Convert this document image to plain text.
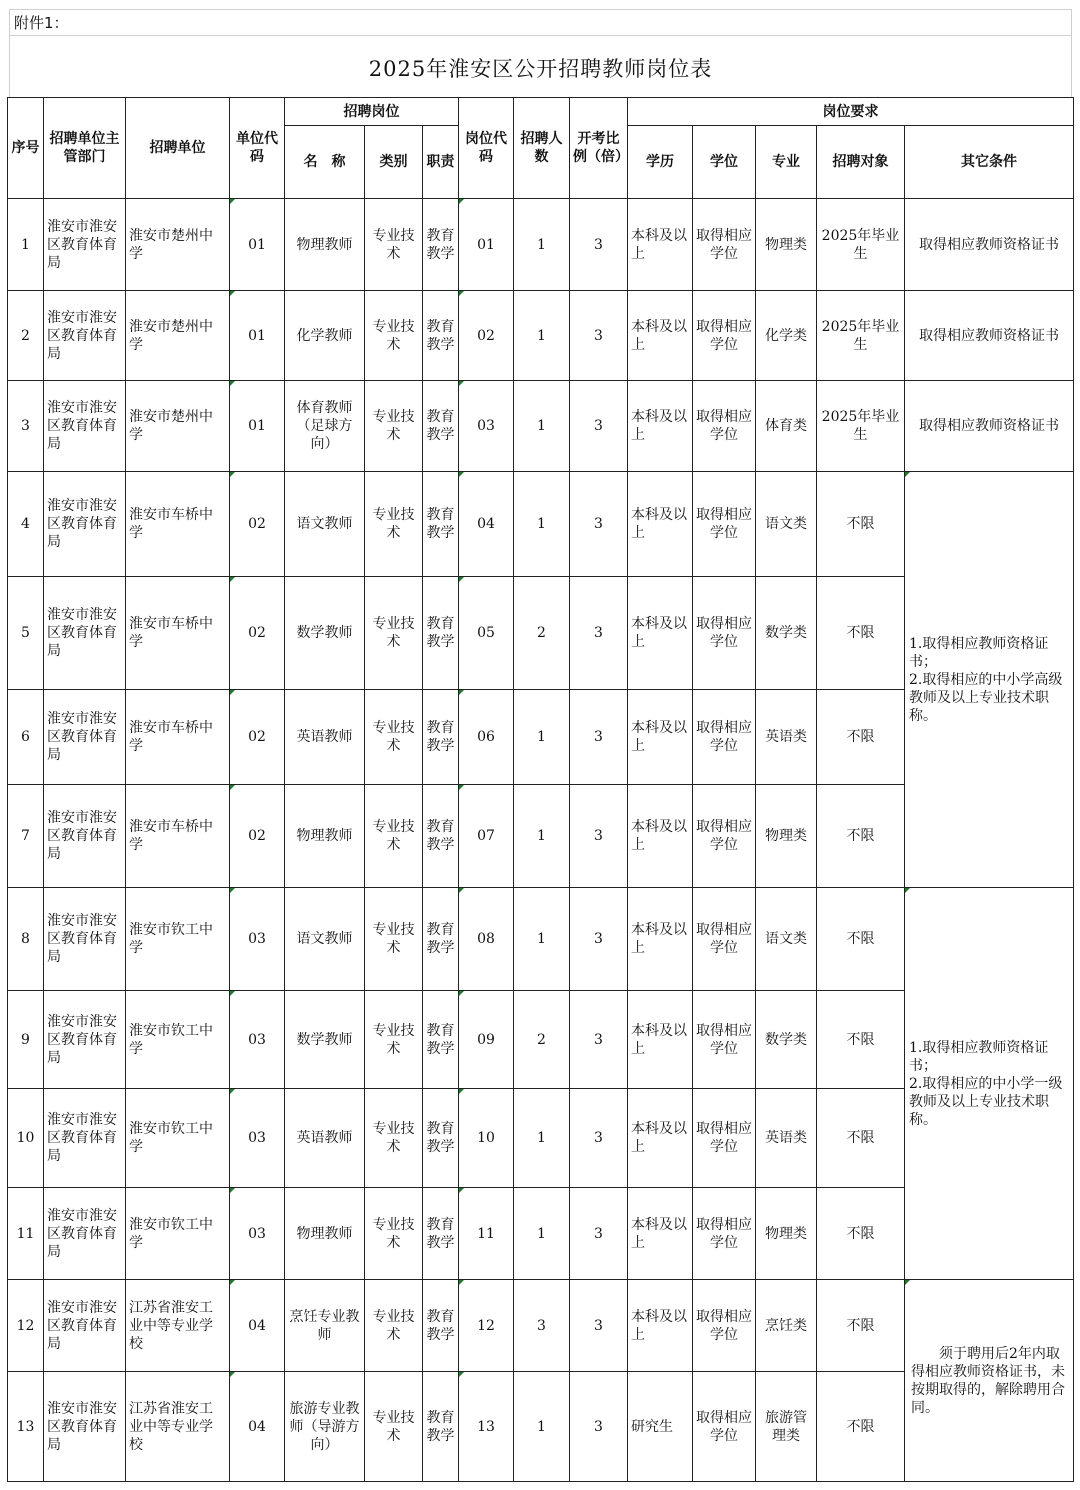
附件1：
2025年淮安区公开招聘教师岗位表
序号	招聘单位主管部门	招聘单位	单位代码	招聘岗位			岗位代码	招聘人数	开考比例（倍）	岗位要求				
				名　称	类别	职责				学历	学位	专业	招聘对象	其它条件
1	淮安市淮安区教育体育局	淮安市楚州中学	01	物理教师	专业技术	教育教学	01	1	3	本科及以上	取得相应学位	物理类	2025年毕业生	取得相应教师资格证书
2	淮安市淮安区教育体育局	淮安市楚州中学	01	化学教师	专业技术	教育教学	02	1	3	本科及以上	取得相应学位	化学类	2025年毕业生	取得相应教师资格证书
3	淮安市淮安区教育体育局	淮安市楚州中学	01	体育教师（足球方向）	专业技术	教育教学	03	1	3	本科及以上	取得相应学位	体育类	2025年毕业生	取得相应教师资格证书
4	淮安市淮安区教育体育局	淮安市车桥中学	02	语文教师	专业技术	教育教学	04	1	3	本科及以上	取得相应学位	语文类	不限	1.取得相应教师资格证书；
2.取得相应的中小学高级教师及以上专业技术职称。
5	淮安市淮安区教育体育局	淮安市车桥中学	02	数学教师	专业技术	教育教学	05	2	3	本科及以上	取得相应学位	数学类	不限	
6	淮安市淮安区教育体育局	淮安市车桥中学	02	英语教师	专业技术	教育教学	06	1	3	本科及以上	取得相应学位	英语类	不限	
7	淮安市淮安区教育体育局	淮安市车桥中学	02	物理教师	专业技术	教育教学	07	1	3	本科及以上	取得相应学位	物理类	不限	
8	淮安市淮安区教育体育局	淮安市钦工中学	03	语文教师	专业技术	教育教学	08	1	3	本科及以上	取得相应学位	语文类	不限	1.取得相应教师资格证书；
2.取得相应的中小学一级教师及以上专业技术职称。
9	淮安市淮安区教育体育局	淮安市钦工中学	03	数学教师	专业技术	教育教学	09	2	3	本科及以上	取得相应学位	数学类	不限	
10	淮安市淮安区教育体育局	淮安市钦工中学	03	英语教师	专业技术	教育教学	10	1	3	本科及以上	取得相应学位	英语类	不限	
11	淮安市淮安区教育体育局	淮安市钦工中学	03	物理教师	专业技术	教育教学	11	1	3	本科及以上	取得相应学位	物理类	不限	
12	淮安市淮安区教育体育局	江苏省淮安工业中等专业学校	04	烹饪专业教师	专业技术	教育教学	12	3	3	本科及以上	取得相应学位	烹饪类	不限	须于聘用后2年内取得相应教师资格证书，未按期取得的，解除聘用合同。
13	淮安市淮安区教育体育局	江苏省淮安工业中等专业学校	04	旅游专业教师（导游方向）	专业技术	教育教学	13	1	3	研究生	取得相应学位	旅游管理类	不限	
